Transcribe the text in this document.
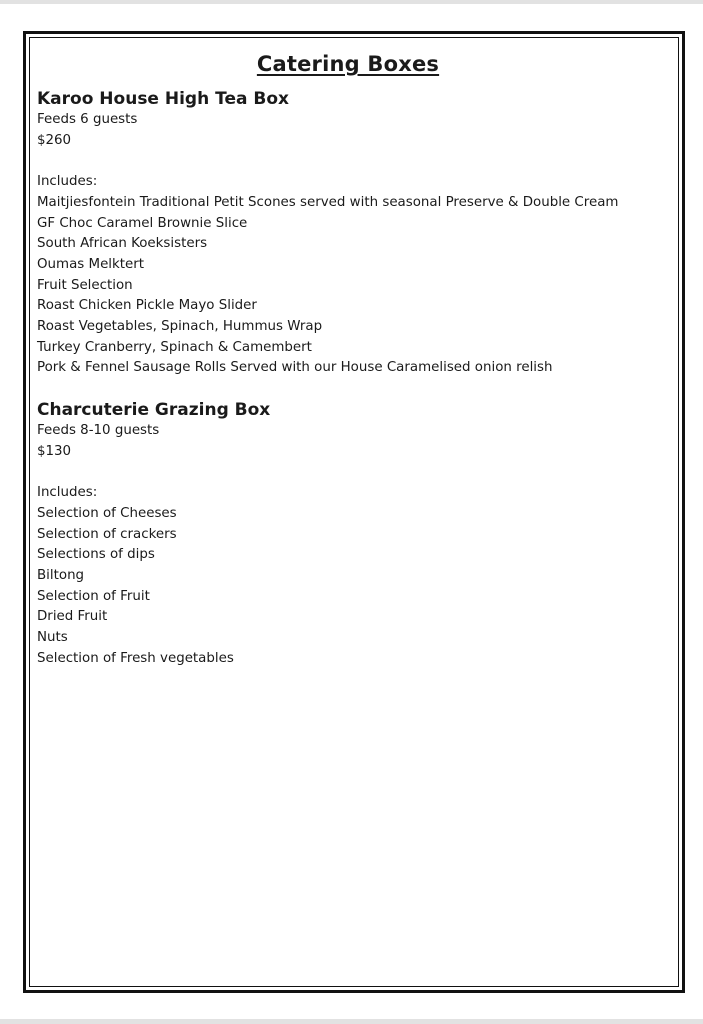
Catering Boxes
Karoo House High Tea Box

Feeds 6 guests

$260

Includes:

Maitjiesfontein Traditional Petit Scones served with seasonal Preserve & Double Cream
GF Choc Caramel Brownie Slice
South African Koeksisters
Oumas Melktert
Fruit Selection
Roast Chicken Pickle Mayo Slider
Roast Vegetables, Spinach, Hummus Wrap
Turkey Cranberry, Spinach & Camembert
Pork & Fennel Sausage Rolls Served with our House Caramelised onion relish
Charcuterie Grazing Box

Feeds 8-10 guests

$130

Includes:

Selection of Cheeses
Selection of crackers
Selections of dips
Biltong
Selection of Fruit
Dried Fruit
Nuts
Selection of Fresh vegetables
